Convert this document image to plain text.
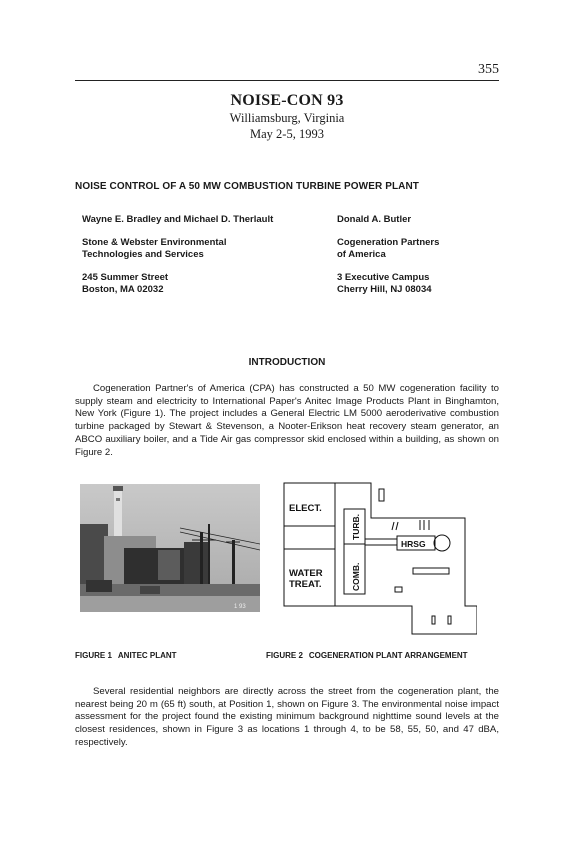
355
NOISE-CON 93
Williamsburg, Virginia
May 2-5, 1993
NOISE CONTROL OF A 50 MW COMBUSTION TURBINE POWER PLANT
Wayne E. Bradley and Michael D. Therlault
Stone & Webster Environmental
Technologies and Services
245 Summer Street
Boston, MA 02032
Donald A. Butler
Cogeneration Partners
of America
3 Executive Campus
Cherry Hill, NJ 08034
INTRODUCTION

Cogeneration Partner's of America (CPA) has constructed a 50 MW cogeneration facility to supply steam and electricity to International Paper's Anitec Image Products Plant in Binghamton, New York (Figure 1). The project includes a General Electric LM 5000 aeroderivative combustion turbine packaged by Stewart & Stevenson, a Nooter-Erikson heat recovery steam generator, an ABCO auxiliary boiler, and a Tide Air gas compressor skid enclosed within a building, as shown on Figure 2.

1 93
ELECT.
WATER
TREAT.
TURB.
COMB.
HRSG
FIGURE 1 ANITEC PLANT	FIGURE 2 COGENERATION PLANT ARRANGEMENT

Several residential neighbors are directly across the street from the cogeneration plant, the nearest being 20 m (65 ft) south, at Position 1, shown on Figure 3. The environmental noise impact assessment for the project found the existing minimum background nighttime sound levels at the closest residences, shown in Figure 3 as locations 1 through 4, to be 58, 55, 50, and 47 dBA, respectively.
